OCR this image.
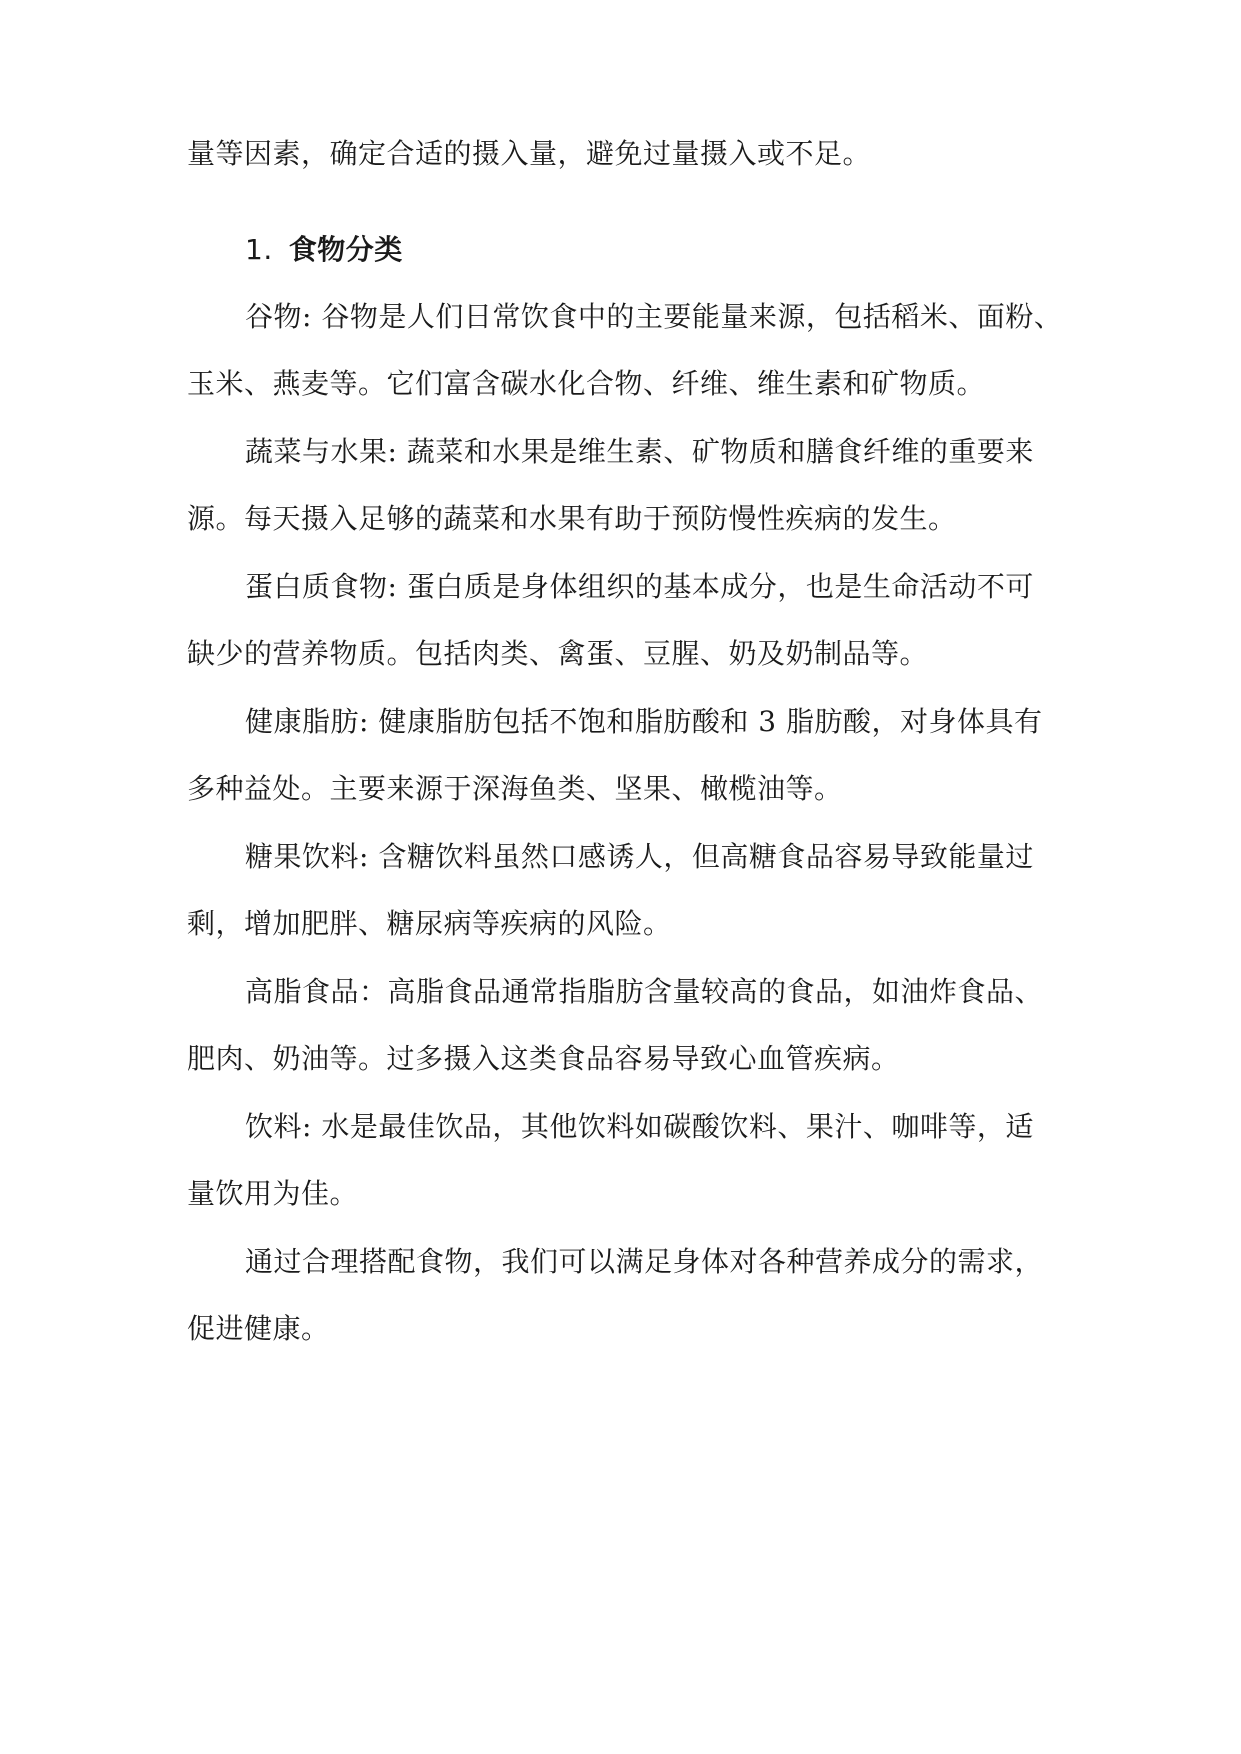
量等因素，确定合适的摄入量，避免过量摄入或不足。
1. 食物分类
谷物: 谷物是人们日常饮食中的主要能量来源，包括稻米、面粉、
玉米、燕麦等。它们富含碳水化合物、纤维、维生素和矿物质。
蔬菜与水果: 蔬菜和水果是维生素、矿物质和膳食纤维的重要来
源。每天摄入足够的蔬菜和水果有助于预防慢性疾病的发生。
蛋白质食物: 蛋白质是身体组织的基本成分，也是生命活动不可
缺少的营养物质。包括肉类、禽蛋、豆腥、奶及奶制品等。
健康脂肪: 健康脂肪包括不饱和脂肪酸和 3 脂肪酸，对身体具有
多种益处。主要来源于深海鱼类、坚果、橄榄油等。
糖果饮料: 含糖饮料虽然口感诱人，但高糖食品容易导致能量过
剩，增加肥胖、糖尿病等疾病的风险。
高脂食品：高脂食品通常指脂肪含量较高的食品，如油炸食品、
肥肉、奶油等。过多摄入这类食品容易导致心血管疾病。
饮料: 水是最佳饮品，其他饮料如碳酸饮料、果汁、咖啡等，适
量饮用为佳。
通过合理搭配食物，我们可以满足身体对各种营养成分的需求，
促进健康。
